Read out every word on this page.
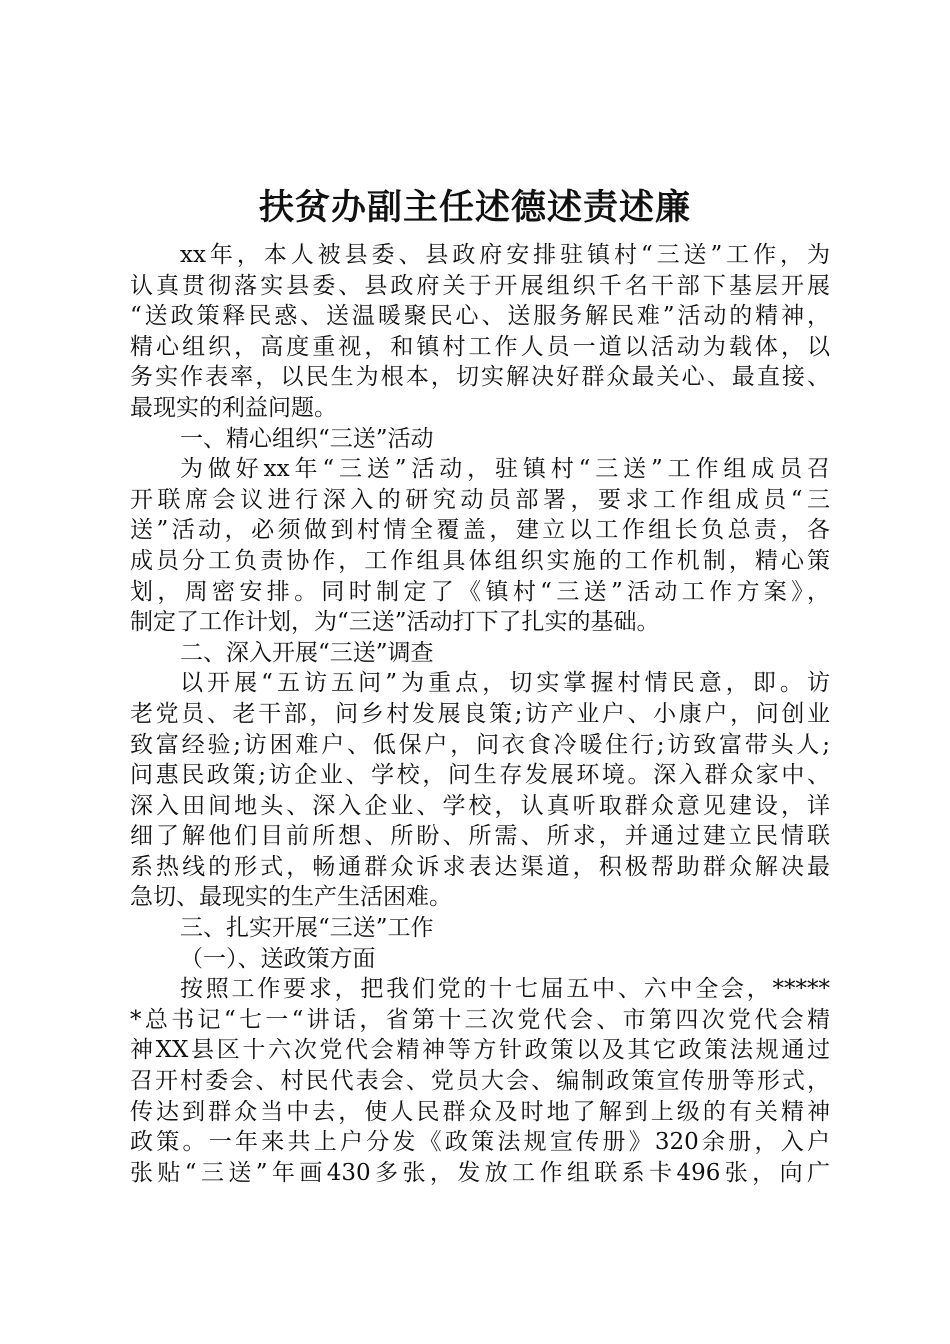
扶贫办副主任述德述责述廉
xx年，本人被县委、县政府安排驻镇村“三送”工作，为
认真贯彻落实县委、县政府关于开展组织千名干部下基层开展
“送政策释民惑、送温暖聚民心、送服务解民难”活动的精神，
精心组织，高度重视，和镇村工作人员一道以活动为载体，以
务实作表率，以民生为根本，切实解决好群众最关心、最直接、
最现实的利益问题。
一、精心组织“三送”活动
为做好xx年“三送”活动，驻镇村“三送”工作组成员召
开联席会议进行深入的研究动员部署，要求工作组成员“三
送”活动，必须做到村情全覆盖，建立以工作组长负总责，各
成员分工负责协作，工作组具体组织实施的工作机制，精心策
划，周密安排。同时制定了《镇村“三送”活动工作方案》，
制定了工作计划，为“三送”活动打下了扎实的基础。
二、深入开展“三送”调查
以开展“五访五问”为重点，切实掌握村情民意，即。访
老党员、老干部，问乡村发展良策;访产业户、小康户，问创业
致富经验;访困难户、低保户，问衣食冷暖住行;访致富带头人;
问惠民政策;访企业、学校，问生存发展环境。深入群众家中、
深入田间地头、深入企业、学校，认真听取群众意见建设，详
细了解他们目前所想、所盼、所需、所求，并通过建立民情联
系热线的形式，畅通群众诉求表达渠道，积极帮助群众解决最
急切、最现实的生产生活困难。
三、扎实开展“三送”工作
（一）、送政策方面
按照工作要求，把我们党的十七届五中、六中全会，*****
*总书记“七一“讲话，省第十三次党代会、市第四次党代会精
神XX县区十六次党代会精神等方针政策以及其它政策法规通过
召开村委会、村民代表会、党员大会、编制政策宣传册等形式，
传达到群众当中去，使人民群众及时地了解到上级的有关精神
政策。一年来共上户分发《政策法规宣传册》320余册，入户
张贴“三送”年画430多张，发放工作组联系卡496张，向广
